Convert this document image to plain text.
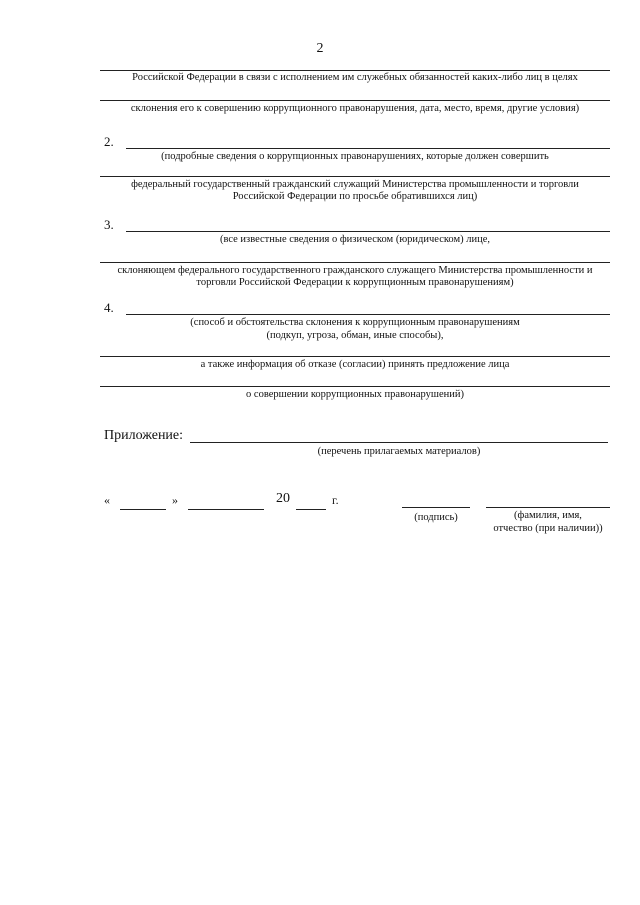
2
Российской Федерации в связи с исполнением им служебных обязанностей каких-либо лиц в целях
склонения его к совершению коррупционного правонарушения, дата, место, время, другие условия)
2.
(подробные сведения о коррупционных правонарушениях, которые должен совершить
федеральный государственный гражданский служащий Министерства промышленности и торговли
Российской Федерации по просьбе обратившихся лиц)
3.
(все известные сведения о физическом (юридическом) лице,
склоняющем федерального государственного гражданского служащего Министерства промышленности и
торговли Российской Федерации к коррупционным правонарушениям)
4.
(способ и обстоятельства склонения к коррупционным правонарушениям
(подкуп, угроза, обман, иные способы),
а также информация об отказе (согласии) принять предложение лица
о совершении коррупционных правонарушений)
Приложение:
(перечень прилагаемых материалов)
«	»	20	г.
(подпись)	(фамилия, имя,
отчество (при наличии))
